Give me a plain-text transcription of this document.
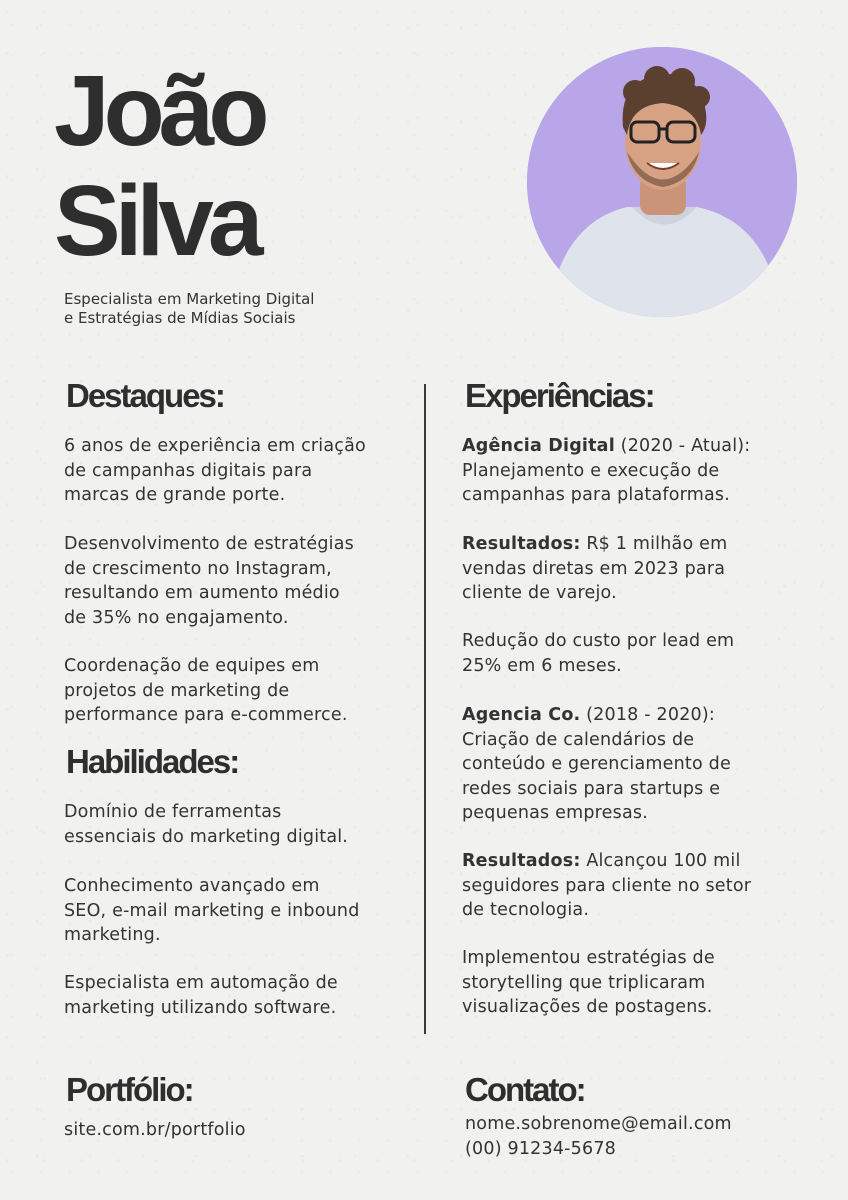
João
Silva
Especialista em Marketing Digital
e Estratégias de Mídias Sociais
Destaques:
6 anos de experiência em criação
de campanhas digitais para
marcas de grande porte.
Desenvolvimento de estratégias
de crescimento no Instagram,
resultando em aumento médio
de 35% no engajamento.
Coordenação de equipes em
projetos de marketing de
performance para e-commerce.
Habilidades:
Domínio de ferramentas
essenciais do marketing digital.
Conhecimento avançado em
SEO, e-mail marketing e inbound
marketing.
Especialista em automação de
marketing utilizando software.
Experiências:
Agência Digital (2020 - Atual):
Planejamento e execução de
campanhas para plataformas.
Resultados: R$ 1 milhão em
vendas diretas em 2023 para
cliente de varejo.
Redução do custo por lead em
25% em 6 meses.
Agencia Co. (2018 - 2020):
Criação de calendários de
conteúdo e gerenciamento de
redes sociais para startups e
pequenas empresas.
Resultados: Alcançou 100 mil
seguidores para cliente no setor
de tecnologia.
Implementou estratégias de
storytelling que triplicaram
visualizações de postagens.
Portfólio:
site.com.br/portfolio
Contato:
nome.sobrenome@email.com
(00) 91234-5678
